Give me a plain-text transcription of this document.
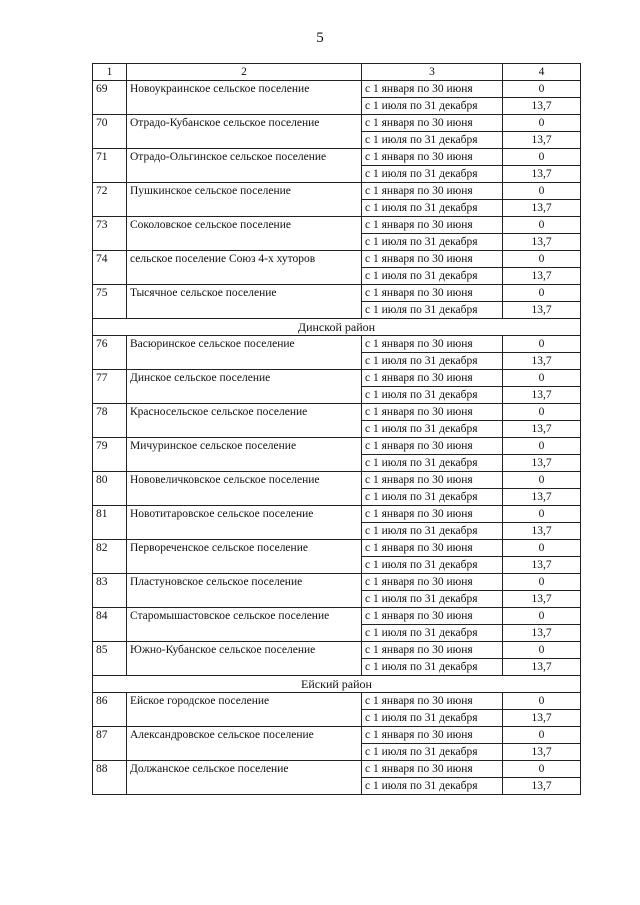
5
1	2	3	4
69	Новоукраинское сельское поселение	с 1 января по 30 июня	0
		с 1 июля по 31 декабря	13,7
70	Отрадо-Кубанское сельское поселение	с 1 января по 30 июня	0
		с 1 июля по 31 декабря	13,7
71	Отрадо-Ольгинское сельское поселение	с 1 января по 30 июня	0
		с 1 июля по 31 декабря	13,7
72	Пушкинское сельское поселение	с 1 января по 30 июня	0
		с 1 июля по 31 декабря	13,7
73	Соколовское сельское поселение	с 1 января по 30 июня	0
		с 1 июля по 31 декабря	13,7
74	сельское поселение Союз 4-х хуторов	с 1 января по 30 июня	0
		с 1 июля по 31 декабря	13,7
75	Тысячное сельское поселение	с 1 января по 30 июня	0
		с 1 июля по 31 декабря	13,7
Динской район			
76	Васюринское сельское поселение	с 1 января по 30 июня	0
		с 1 июля по 31 декабря	13,7
77	Динское сельское поселение	с 1 января по 30 июня	0
		с 1 июля по 31 декабря	13,7
78	Красносельское сельское поселение	с 1 января по 30 июня	0
		с 1 июля по 31 декабря	13,7
79	Мичуринское сельское поселение	с 1 января по 30 июня	0
		с 1 июля по 31 декабря	13,7
80	Нововеличковское сельское поселение	с 1 января по 30 июня	0
		с 1 июля по 31 декабря	13,7
81	Новотитаровское сельское поселение	с 1 января по 30 июня	0
		с 1 июля по 31 декабря	13,7
82	Первореченское сельское поселение	с 1 января по 30 июня	0
		с 1 июля по 31 декабря	13,7
83	Пластуновское сельское поселение	с 1 января по 30 июня	0
		с 1 июля по 31 декабря	13,7
84	Старомышастовское сельское поселение	с 1 января по 30 июня	0
		с 1 июля по 31 декабря	13,7
85	Южно-Кубанское сельское поселение	с 1 января по 30 июня	0
		с 1 июля по 31 декабря	13,7
Ейский район			
86	Ейское городское поселение	с 1 января по 30 июня	0
		с 1 июля по 31 декабря	13,7
87	Александровское сельское поселение	с 1 января по 30 июня	0
		с 1 июля по 31 декабря	13,7
88	Должанское сельское поселение	с 1 января по 30 июня	0
		с 1 июля по 31 декабря	13,7
